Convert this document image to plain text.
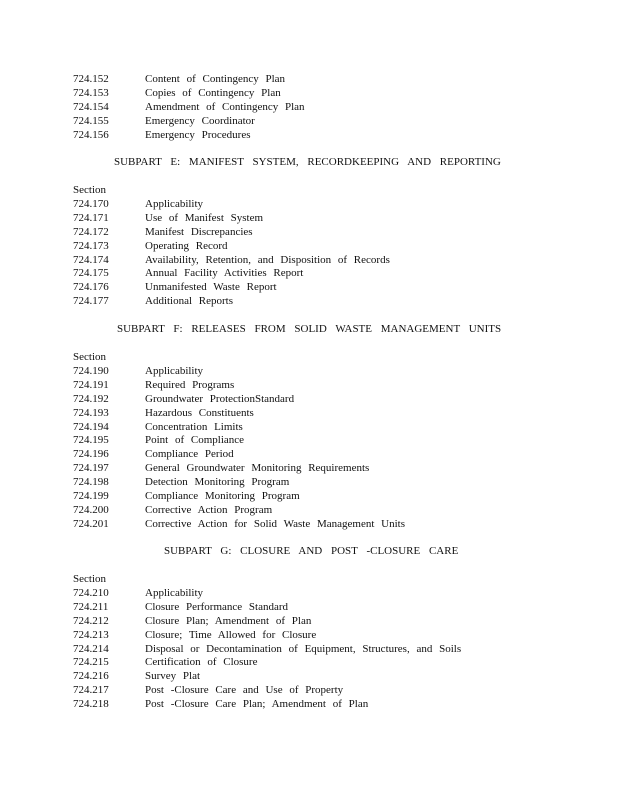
724.152	Content of Contingency Plan
724.153	Copies of Contingency Plan
724.154	Amendment of Contingency Plan
724.155	Emergency Coordinator
724.156	Emergency Procedures
SUBPART E: MANIFEST SYSTEM, RECORDKEEPING AND REPORTING
Section
724.170	Applicability
724.171	Use of Manifest System
724.172	Manifest Discrepancies
724.173	Operating Record
724.174	Availability, Retention, and Disposition of Records
724.175	Annual Facility Activities Report
724.176	Unmanifested Waste Report
724.177	Additional Reports
SUBPART F: RELEASES FROM SOLID WASTE MANAGEMENT UNITS
Section
724.190	Applicability
724.191	Required Programs
724.192	Groundwater ProtectionStandard
724.193	Hazardous Constituents
724.194	Concentration Limits
724.195	Point of Compliance
724.196	Compliance Period
724.197	General Groundwater Monitoring Requirements
724.198	Detection Monitoring Program
724.199	Compliance Monitoring Program
724.200	Corrective Action Program
724.201	Corrective Action for Solid Waste Management Units
SUBPART G: CLOSURE AND POST -CLOSURE CARE
Section
724.210	Applicability
724.211	Closure Performance Standard
724.212	Closure Plan; Amendment of Plan
724.213	Closure; Time Allowed for Closure
724.214	Disposal or Decontamination of Equipment, Structures, and Soils
724.215	Certification of Closure
724.216	Survey Plat
724.217	Post -Closure Care and Use of Property
724.218	Post -Closure Care Plan; Amendment of Plan
